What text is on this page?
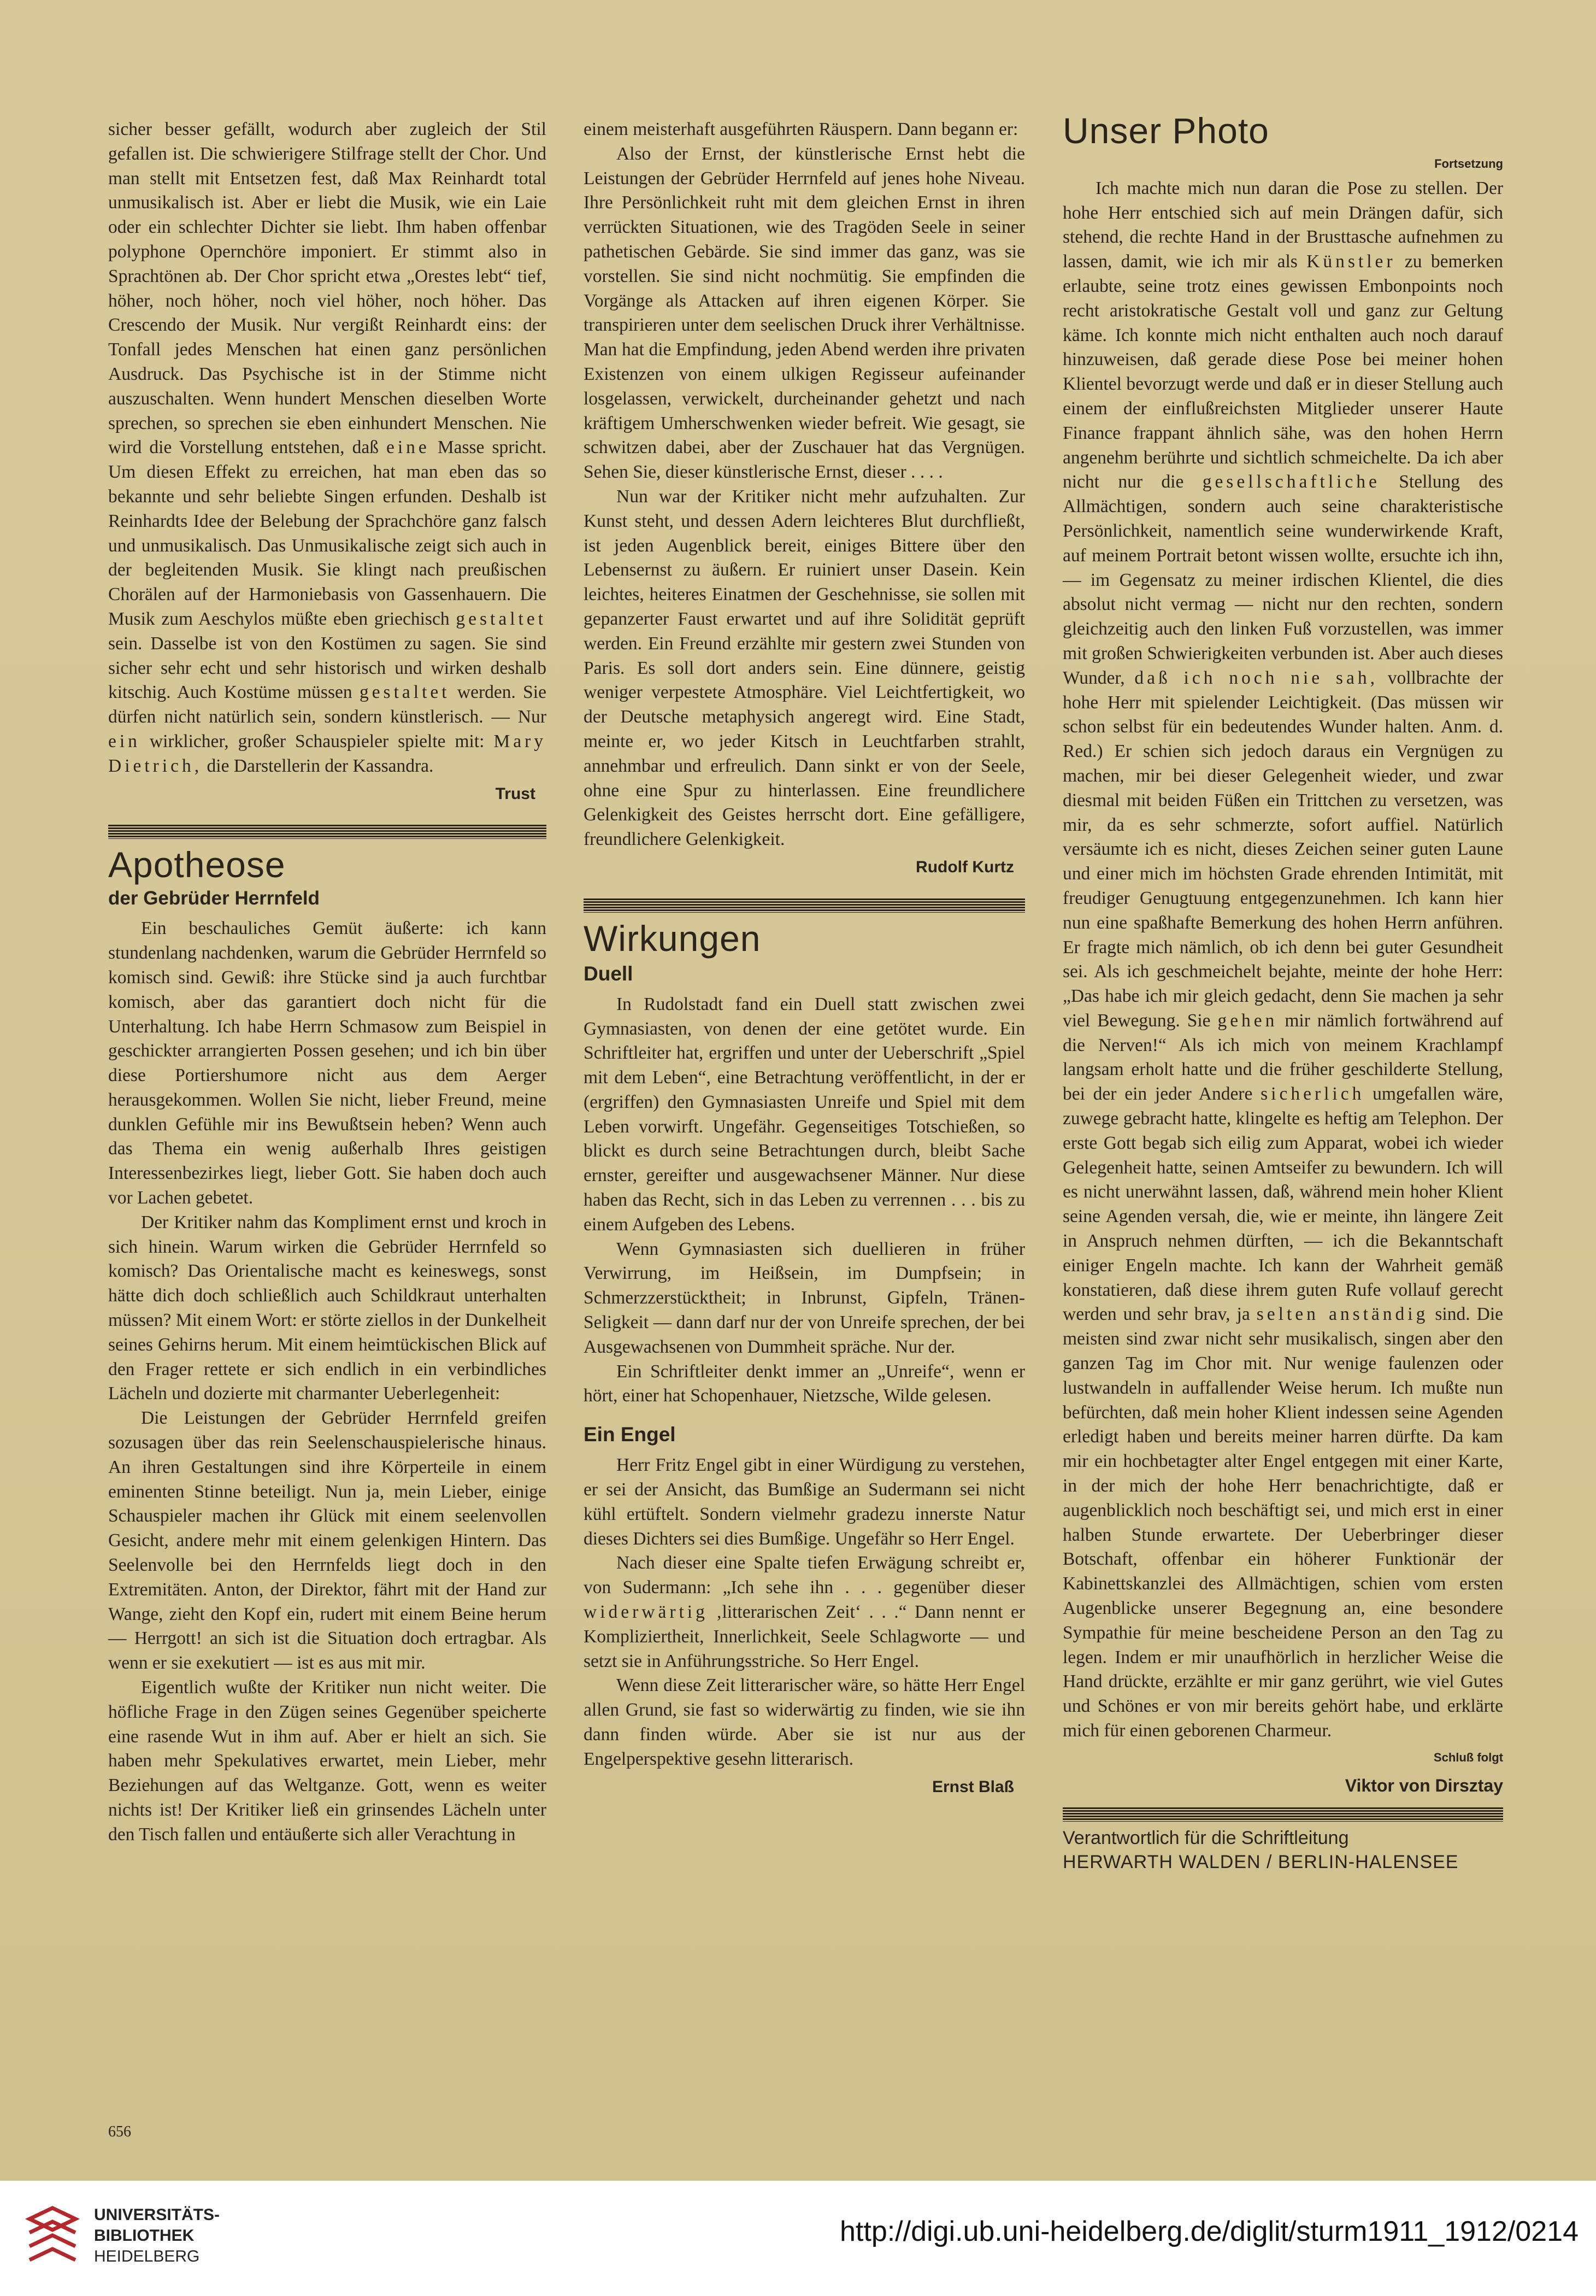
sicher besser gefällt, wodurch aber zugleich der Stil gefallen ist. Die schwierigere Stilfrage stellt der Chor. Und man stellt mit Entsetzen fest, daß Max Reinhardt total unmusikalisch ist. Aber er liebt die Musik, wie ein Laie oder ein schlechter Dichter sie liebt. Ihm haben offenbar polyphone Opernchöre imponiert. Er stimmt also in Sprachtönen ab. Der Chor spricht etwa „Orestes lebt“ tief, höher, noch höher, noch viel höher, noch höher. Das Crescendo der Musik. Nur vergißt Reinhardt eins: der Tonfall jedes Menschen hat einen ganz persönlichen Ausdruck. Das Psychische ist in der Stimme nicht auszuschalten. Wenn hundert Menschen dieselben Worte sprechen, so sprechen sie eben einhundert Menschen. Nie wird die Vorstellung entstehen, daß eine Masse spricht. Um diesen Effekt zu erreichen, hat man eben das so bekannte und sehr beliebte Singen erfunden. Deshalb ist Reinhardts Idee der Belebung der Sprachchöre ganz falsch und unmusikalisch. Das Unmusikalische zeigt sich auch in der begleitenden Musik. Sie klingt nach preußischen Chorälen auf der Harmoniebasis von Gassenhauern. Die Musik zum Aeschylos müßte eben griechisch gestaltet sein. Dasselbe ist von den Kostümen zu sagen. Sie sind sicher sehr echt und sehr historisch und wirken deshalb kitschig. Auch Kostüme müssen gestaltet werden. Sie dürfen nicht natürlich sein, sondern künstlerisch. — Nur ein wirklicher, großer Schauspieler spielte mit: Mary Dietrich, die Darstellerin der Kassandra.

Trust
Apotheose
der Gebrüder Herrnfeld

Ein beschauliches Gemüt äußerte: ich kann stundenlang nachdenken, warum die Gebrüder Herrnfeld so komisch sind. Gewiß: ihre Stücke sind ja auch furchtbar komisch, aber das garantiert doch nicht für die Unterhaltung. Ich habe Herrn Schmasow zum Beispiel in geschickter arrangierten Possen gesehen; und ich bin über diese Portiershumore nicht aus dem Aerger herausgekommen. Wollen Sie nicht, lieber Freund, meine dunklen Gefühle mir ins Bewußtsein heben? Wenn auch das Thema ein wenig außerhalb Ihres geistigen Interessenbezirkes liegt, lieber Gott. Sie haben doch auch vor Lachen gebetet.

Der Kritiker nahm das Kompliment ernst und kroch in sich hinein. Warum wirken die Gebrüder Herrnfeld so komisch? Das Orientalische macht es keineswegs, sonst hätte dich doch schließlich auch Schildkraut unterhalten müssen? Mit einem Wort: er störte ziellos in der Dunkelheit seines Gehirns herum. Mit einem heimtückischen Blick auf den Frager rettete er sich endlich in ein verbindliches Lächeln und dozierte mit charmanter Ueberlegenheit:

Die Leistungen der Gebrüder Herrnfeld greifen sozusagen über das rein Seelenschauspielerische hinaus. An ihren Gestaltungen sind ihre Körperteile in einem eminenten Stinne beteiligt. Nun ja, mein Lieber, einige Schauspieler machen ihr Glück mit einem seelenvollen Gesicht, andere mehr mit einem gelenkigen Hintern. Das Seelenvolle bei den Herrnfelds liegt doch in den Extremitäten. Anton, der Direktor, fährt mit der Hand zur Wange, zieht den Kopf ein, rudert mit einem Beine herum — Herrgott! an sich ist die Situation doch ertragbar. Als wenn er sie exekutiert — ist es aus mit mir.

Eigentlich wußte der Kritiker nun nicht weiter. Die höfliche Frage in den Zügen seines Gegenüber speicherte eine rasende Wut in ihm auf. Aber er hielt an sich. Sie haben mehr Spekulatives erwartet, mein Lieber, mehr Beziehungen auf das Weltganze. Gott, wenn es weiter nichts ist! Der Kritiker ließ ein grinsendes Lächeln unter den Tisch fallen und entäußerte sich aller Verachtung in

einem meisterhaft ausgeführten Räuspern. Dann begann er:

Also der Ernst, der künstlerische Ernst hebt die Leistungen der Gebrüder Herrnfeld auf jenes hohe Niveau. Ihre Persönlichkeit ruht mit dem gleichen Ernst in ihren verrückten Situationen, wie des Tragöden Seele in seiner pathetischen Gebärde. Sie sind immer das ganz, was sie vorstellen. Sie sind nicht nochmütig. Sie empfinden die Vorgänge als Attacken auf ihren eigenen Körper. Sie transpirieren unter dem seelischen Druck ihrer Verhältnisse. Man hat die Empfindung, jeden Abend werden ihre privaten Existenzen von einem ulkigen Regisseur aufeinander losgelassen, verwickelt, durcheinander gehetzt und nach kräftigem Umherschwenken wieder befreit. Wie gesagt, sie schwitzen dabei, aber der Zuschauer hat das Vergnügen. Sehen Sie, dieser künstlerische Ernst, dieser . . . .

Nun war der Kritiker nicht mehr aufzuhalten. Zur Kunst steht, und dessen Adern leichteres Blut durchfließt, ist jeden Augenblick bereit, einiges Bittere über den Lebensernst zu äußern. Er ruiniert unser Dasein. Kein leichtes, heiteres Einatmen der Geschehnisse, sie sollen mit gepanzerter Faust erwartet und auf ihre Solidität geprüft werden. Ein Freund erzählte mir gestern zwei Stunden von Paris. Es soll dort anders sein. Eine dünnere, geistig weniger verpestete Atmosphäre. Viel Leichtfertigkeit, wo der Deutsche metaphysich angeregt wird. Eine Stadt, meinte er, wo jeder Kitsch in Leuchtfarben strahlt, annehmbar und erfreulich. Dann sinkt er von der Seele, ohne eine Spur zu hinterlassen. Eine freundlichere Gelenkigkeit des Geistes herrscht dort. Eine gefälligere, freundlichere Gelenkigkeit.

Rudolf Kurtz
Wirkungen
Duell

In Rudolstadt fand ein Duell statt zwischen zwei Gymnasiasten, von denen der eine getötet wurde. Ein Schriftleiter hat, ergriffen und unter der Ueberschrift „Spiel mit dem Leben“, eine Betrachtung veröffentlicht, in der er (ergriffen) den Gymnasiasten Unreife und Spiel mit dem Leben vorwirft. Ungefähr. Gegenseitiges Totschießen, so blickt es durch seine Betrachtungen durch, bleibt Sache ernster, gereifter und ausgewachsener Männer. Nur diese haben das Recht, sich in das Leben zu verrennen . . . bis zu einem Aufgeben des Lebens.

Wenn Gymnasiasten sich duellieren in früher Verwirrung, im Heißsein, im Dumpfsein; in Schmerzzerstücktheit; in Inbrunst, Gipfeln, Tränen-Seligkeit — dann darf nur der von Unreife sprechen, der bei Ausgewachsenen von Dummheit spräche. Nur der.

Ein Schriftleiter denkt immer an „Unreife“, wenn er hört, einer hat Schopenhauer, Nietzsche, Wilde gelesen.

Ein Engel

Herr Fritz Engel gibt in einer Würdigung zu verstehen, er sei der Ansicht, das Bumßige an Sudermann sei nicht kühl ertüftelt. Sondern vielmehr gradezu innerste Natur dieses Dichters sei dies Bumßige. Ungefähr so Herr Engel.

Nach dieser eine Spalte tiefen Erwägung schreibt er, von Sudermann: „Ich sehe ihn . . . gegenüber dieser widerwärtig ‚litterarischen Zeit‘ . . .“ Dann nennt er Kompliziertheit, Innerlichkeit, Seele Schlagworte — und setzt sie in Anführungsstriche. So Herr Engel.

Wenn diese Zeit litterarischer wäre, so hätte Herr Engel allen Grund, sie fast so widerwärtig zu finden, wie sie ihn dann finden würde. Aber sie ist nur aus der Engelperspektive gesehn litterarisch.

Ernst Blaß
Unser Photo
Fortsetzung

Ich machte mich nun daran die Pose zu stellen. Der hohe Herr entschied sich auf mein Drängen dafür, sich stehend, die rechte Hand in der Brusttasche aufnehmen zu lassen, damit, wie ich mir als Künstler zu bemerken erlaubte, seine trotz eines gewissen Embonpoints noch recht aristokratische Gestalt voll und ganz zur Geltung käme. Ich konnte mich nicht enthalten auch noch darauf hinzuweisen, daß gerade diese Pose bei meiner hohen Klientel bevorzugt werde und daß er in dieser Stellung auch einem der einflußreichsten Mitglieder unserer Haute Finance frappant ähnlich sähe, was den hohen Herrn angenehm berührte und sichtlich schmeichelte. Da ich aber nicht nur die gesellschaftliche Stellung des Allmächtigen, sondern auch seine charakteristische Persönlichkeit, namentlich seine wunderwirkende Kraft, auf meinem Portrait betont wissen wollte, ersuchte ich ihn, — im Gegensatz zu meiner irdischen Klientel, die dies absolut nicht vermag — nicht nur den rechten, sondern gleichzeitig auch den linken Fuß vorzustellen, was immer mit großen Schwierigkeiten verbunden ist. Aber auch dieses Wunder, daß ich noch nie sah, vollbrachte der hohe Herr mit spielender Leichtigkeit. (Das müssen wir schon selbst für ein bedeutendes Wunder halten. Anm. d. Red.) Er schien sich jedoch daraus ein Vergnügen zu machen, mir bei dieser Gelegenheit wieder, und zwar diesmal mit beiden Füßen ein Trittchen zu versetzen, was mir, da es sehr schmerzte, sofort auffiel. Natürlich versäumte ich es nicht, dieses Zeichen seiner guten Laune und einer mich im höchsten Grade ehrenden Intimität, mit freudiger Genugtuung entgegenzunehmen. Ich kann hier nun eine spaßhafte Bemerkung des hohen Herrn anführen. Er fragte mich nämlich, ob ich denn bei guter Gesundheit sei. Als ich geschmeichelt bejahte, meinte der hohe Herr: „Das habe ich mir gleich gedacht, denn Sie machen ja sehr viel Bewegung. Sie gehen mir nämlich fortwährend auf die Nerven!“ Als ich mich von meinem Krachlampf langsam erholt hatte und die früher geschilderte Stellung, bei der ein jeder Andere sicherlich umgefallen wäre, zuwege gebracht hatte, klingelte es heftig am Telephon. Der erste Gott begab sich eilig zum Apparat, wobei ich wieder Gelegenheit hatte, seinen Amtseifer zu bewundern. Ich will es nicht unerwähnt lassen, daß, während mein hoher Klient seine Agenden versah, die, wie er meinte, ihn längere Zeit in Anspruch nehmen dürften, — ich die Bekanntschaft einiger Engeln machte. Ich kann der Wahrheit gemäß konstatieren, daß diese ihrem guten Rufe vollauf gerecht werden und sehr brav, ja selten anständig sind. Die meisten sind zwar nicht sehr musikalisch, singen aber den ganzen Tag im Chor mit. Nur wenige faulenzen oder lustwandeln in auffallender Weise herum. Ich mußte nun befürchten, daß mein hoher Klient indessen seine Agenden erledigt haben und bereits meiner harren dürfte. Da kam mir ein hochbetagter alter Engel entgegen mit einer Karte, in der mich der hohe Herr benachrichtigte, daß er augenblicklich noch beschäftigt sei, und mich erst in einer halben Stunde erwartete. Der Ueberbringer dieser Botschaft, offenbar ein höherer Funktionär der Kabinettskanzlei des Allmächtigen, schien vom ersten Augenblicke unserer Begegnung an, eine besondere Sympathie für meine bescheidene Person an den Tag zu legen. Indem er mir unaufhörlich in herzlicher Weise die Hand drückte, erzählte er mir ganz gerührt, wie viel Gutes und Schönes er von mir bereits gehört habe, und erklärte mich für einen geborenen Charmeur.

Schluß folgt
Viktor von Dirsztay
Verantwortlich für die Schriftleitung
HERWARTH WALDEN / BERLIN-HALENSEE
656
UNIVERSITÄTS-
BIBLIOTHEK
HEIDELBERG
http://digi.ub.uni-heidelberg.de/diglit/sturm1911_1912/0214
